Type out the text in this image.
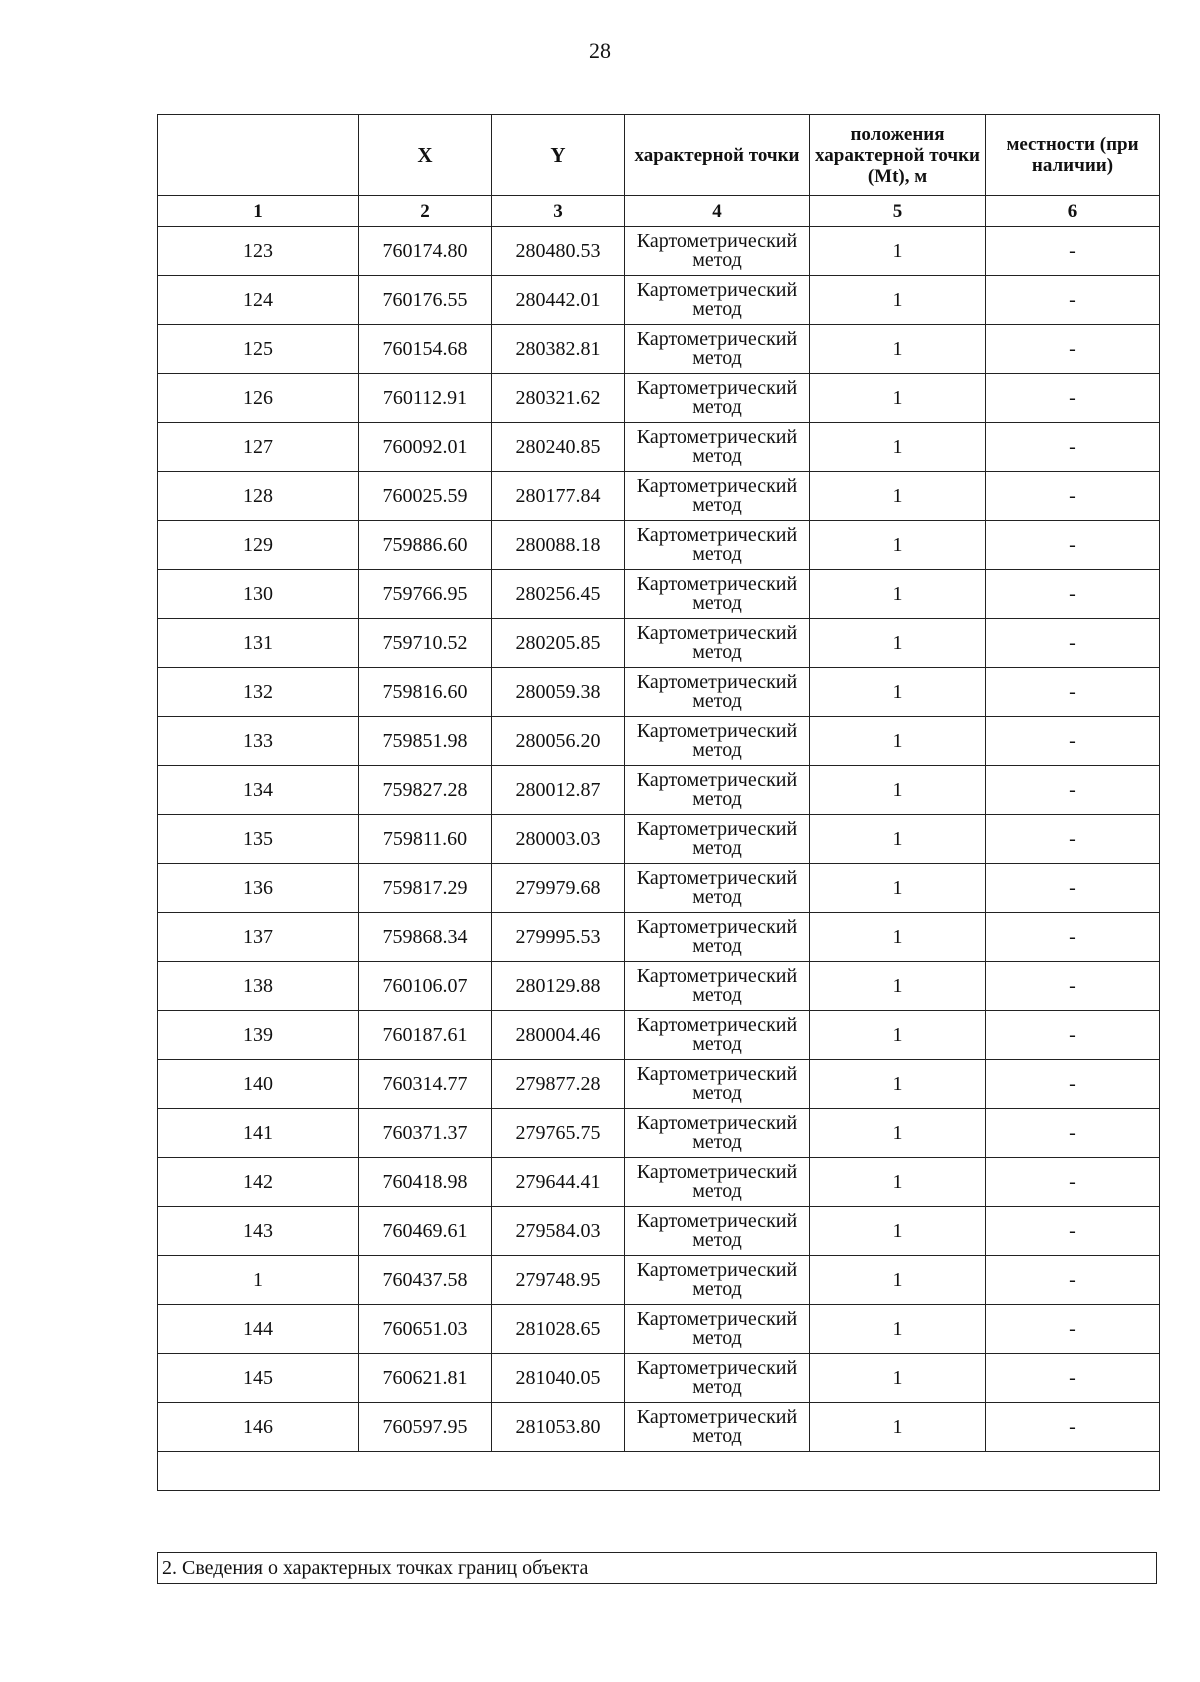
28
	X	Y	характерной точки	положения характерной точки (Mt), м	местности (при наличии)
1	2	3	4	5	6
123	760174.80	280480.53	Картометрический метод	1	-
124	760176.55	280442.01	Картометрический метод	1	-
125	760154.68	280382.81	Картометрический метод	1	-
126	760112.91	280321.62	Картометрический метод	1	-
127	760092.01	280240.85	Картометрический метод	1	-
128	760025.59	280177.84	Картометрический метод	1	-
129	759886.60	280088.18	Картометрический метод	1	-
130	759766.95	280256.45	Картометрический метод	1	-
131	759710.52	280205.85	Картометрический метод	1	-
132	759816.60	280059.38	Картометрический метод	1	-
133	759851.98	280056.20	Картометрический метод	1	-
134	759827.28	280012.87	Картометрический метод	1	-
135	759811.60	280003.03	Картометрический метод	1	-
136	759817.29	279979.68	Картометрический метод	1	-
137	759868.34	279995.53	Картометрический метод	1	-
138	760106.07	280129.88	Картометрический метод	1	-
139	760187.61	280004.46	Картометрический метод	1	-
140	760314.77	279877.28	Картометрический метод	1	-
141	760371.37	279765.75	Картометрический метод	1	-
142	760418.98	279644.41	Картометрический метод	1	-
143	760469.61	279584.03	Картометрический метод	1	-
1	760437.58	279748.95	Картометрический метод	1	-
144	760651.03	281028.65	Картометрический метод	1	-
145	760621.81	281040.05	Картометрический метод	1	-
146	760597.95	281053.80	Картометрический метод	1	-

2. Сведения о характерных точках границ объекта
